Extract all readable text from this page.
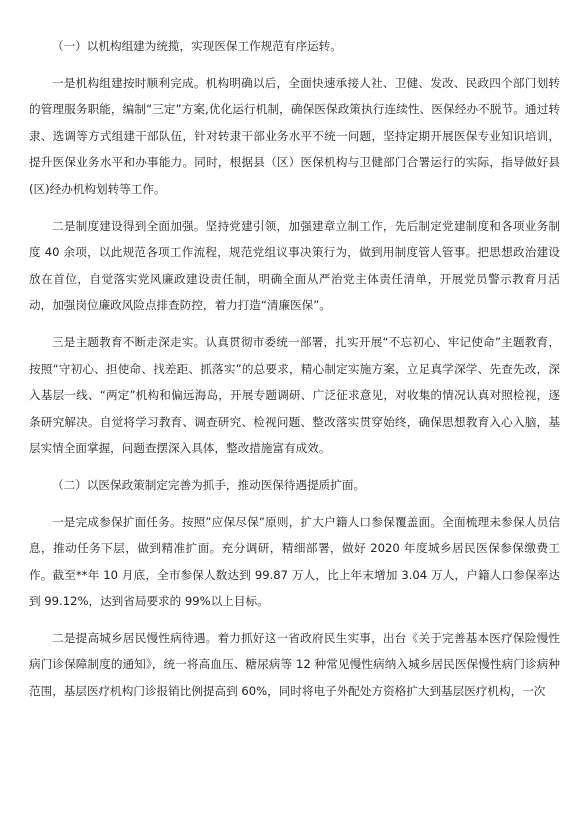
（一）以机构组建为统揽，实现医保工作规范有序运转。

一是机构组建按时顺利完成。机构明确以后，全面快速承接人社、卫健、发改、民政四个部门划转的管理服务职能，编制“三定”方案,优化运行机制，确保医保政策执行连续性、医保经办不脱节。通过转隶、选调等方式组建干部队伍，针对转隶干部业务水平不统一问题，坚持定期开展医保专业知识培训，提升医保业务水平和办事能力。同时，根据县（区）医保机构与卫健部门合署运行的实际，指导做好县(区)经办机构划转等工作。

二是制度建设得到全面加强。坚持党建引领，加强建章立制工作，先后制定党建制度和各项业务制度 40 余项，以此规范各项工作流程，规范党组议事决策行为，做到用制度管人管事。把思想政治建设放在首位，自觉落实党风廉政建设责任制，明确全面从严治党主体责任清单，开展党员警示教育月活动，加强岗位廉政风险点排查防控，着力打造“清廉医保”。

三是主题教育不断走深走实。认真贯彻市委统一部署，扎实开展“不忘初心、牢记使命”主题教育，按照“守初心、担使命、找差距、抓落实”的总要求，精心制定实施方案，立足真学深学、先查先改，深入基层一线、“两定”机构和偏远海岛，开展专题调研、广泛征求意见，对收集的情况认真对照检视，逐条研究解决。自觉将学习教育、调查研究、检视问题、整改落实贯穿始终，确保思想教育入心入脑，基层实情全面掌握，问题查摆深入具体，整改措施富有成效。

（二）以医保政策制定完善为抓手，推动医保待遇提质扩面。

一是完成参保扩面任务。按照”应保尽保”原则，扩大户籍人口参保覆盖面。全面梳理未参保人员信息，推动任务下层，做到精准扩面。充分调研，精细部署，做好 2020 年度城乡居民医保参保缴费工作。截至**年 10 月底，全市参保人数达到 99.87 万人，比上年末增加 3.04 万人，户籍人口参保率达到 99.12%，达到省局要求的 99%以上目标。

二是提高城乡居民慢性病待遇。着力抓好这一省政府民生实事，出台《关于完善基本医疗保险慢性病门诊保障制度的通知》，统一将高血压、糖尿病等 12 种常见慢性病纳入城乡居民医保慢性病门诊病种范围，基层医疗机构门诊报销比例提高到 60%，同时将电子外配处方资格扩大到基层医疗机构，一次
